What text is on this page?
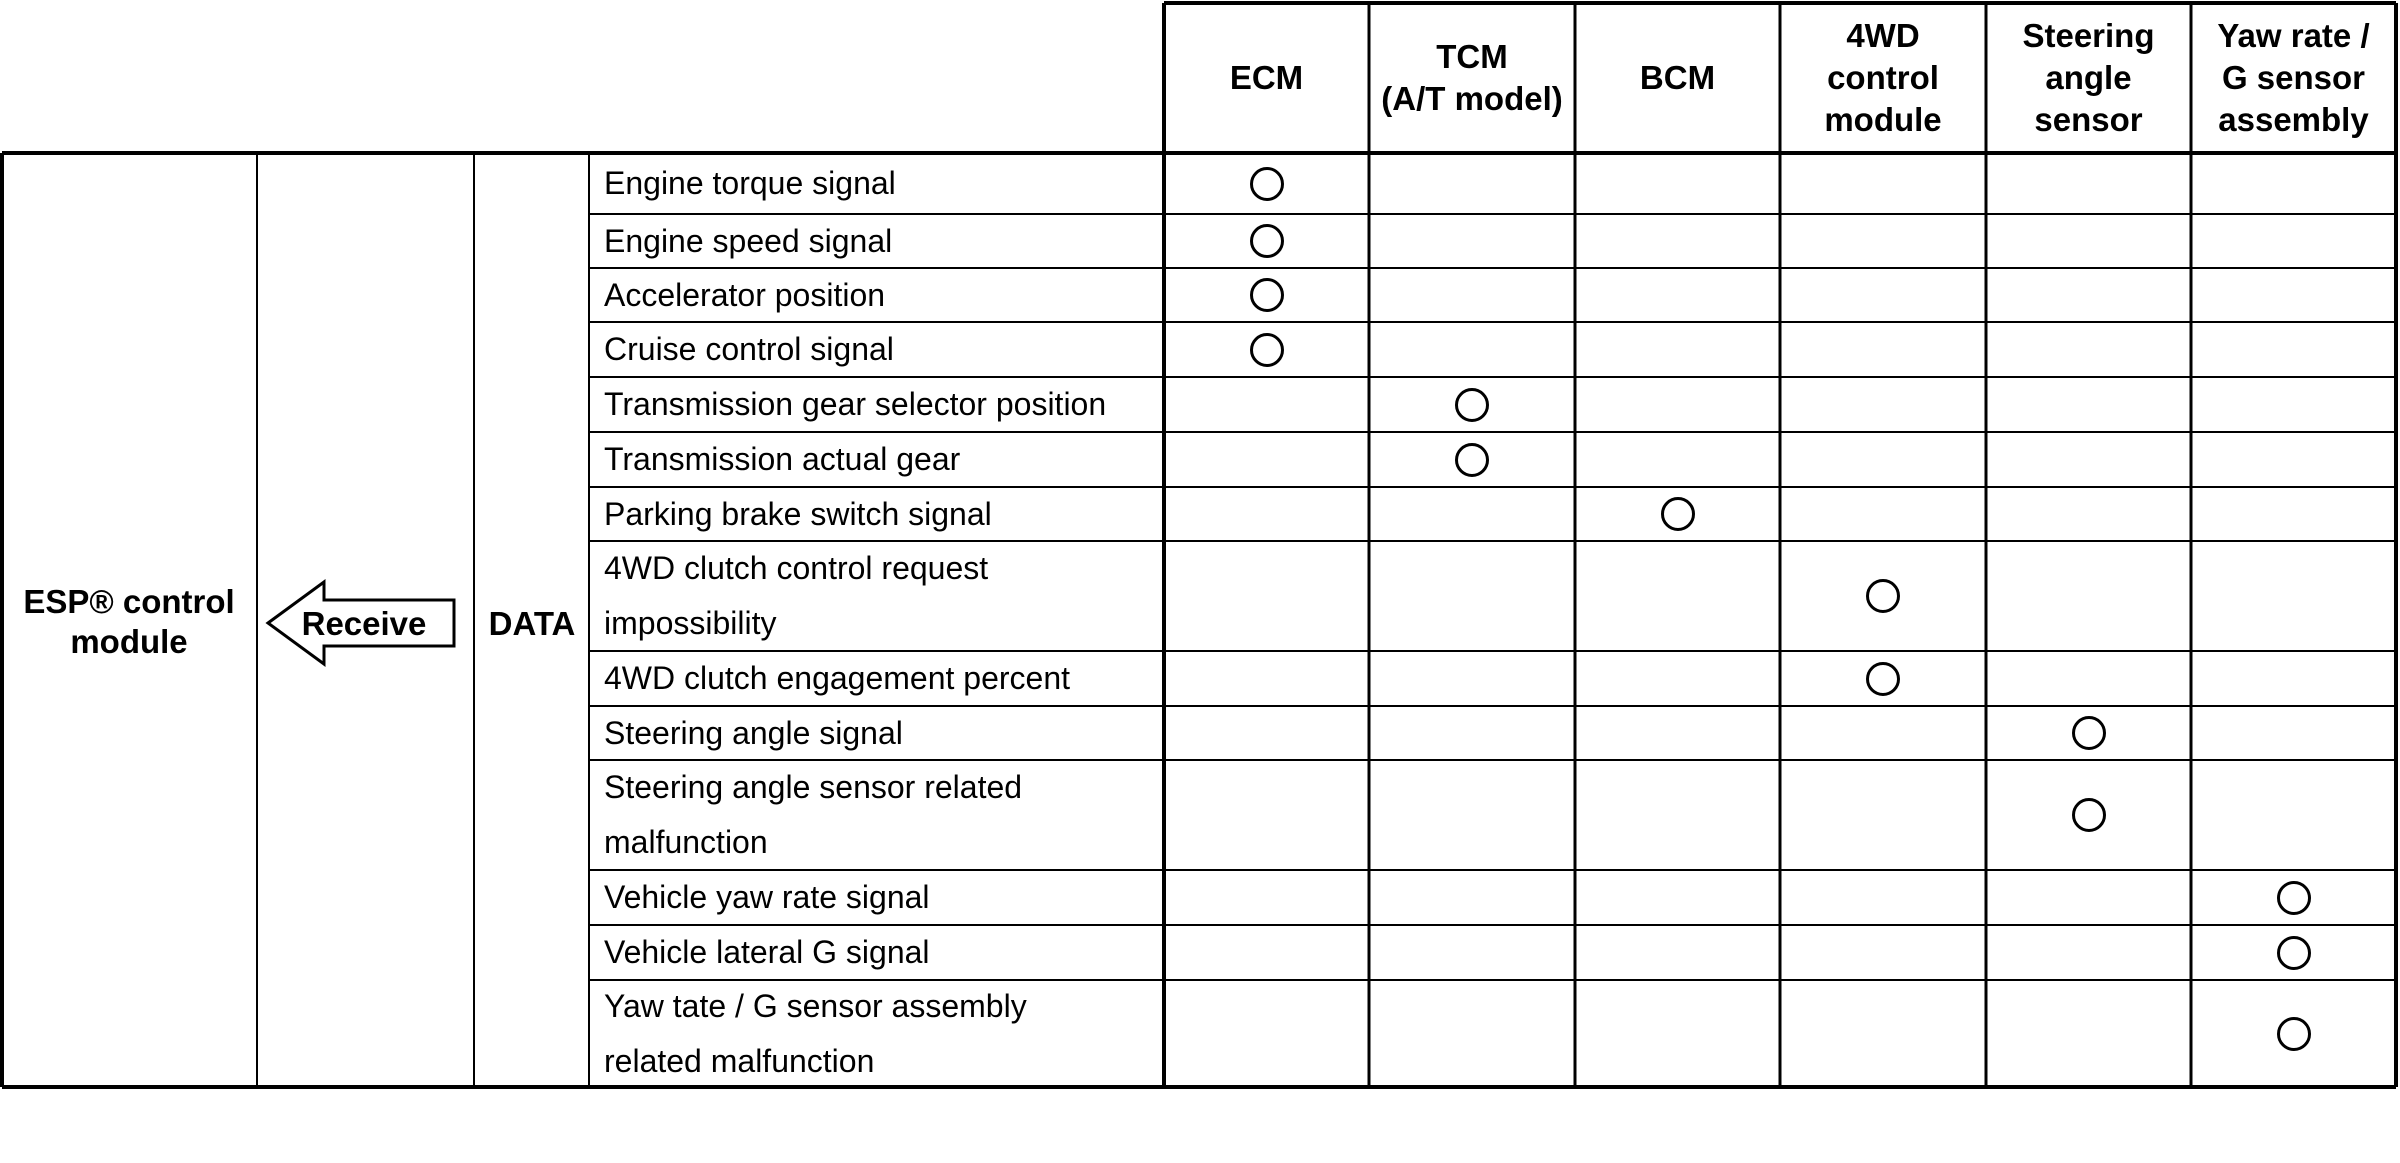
ESP® control
module	Receive	DATA
ECM
TCM
(A/T model)
BCM
4WD
control
module
Steering
angle
sensor
Yaw rate /
G sensor
assembly
Engine torque signal
Engine speed signal
Accelerator position
Cruise control signal
Transmission gear selector position
Transmission actual gear
Parking brake switch signal
4WD clutch control request
impossibility
4WD clutch engagement percent
Steering angle signal
Steering angle sensor related
malfunction
Vehicle yaw rate signal
Vehicle lateral G signal
Yaw tate / G sensor assembly
related malfunction
